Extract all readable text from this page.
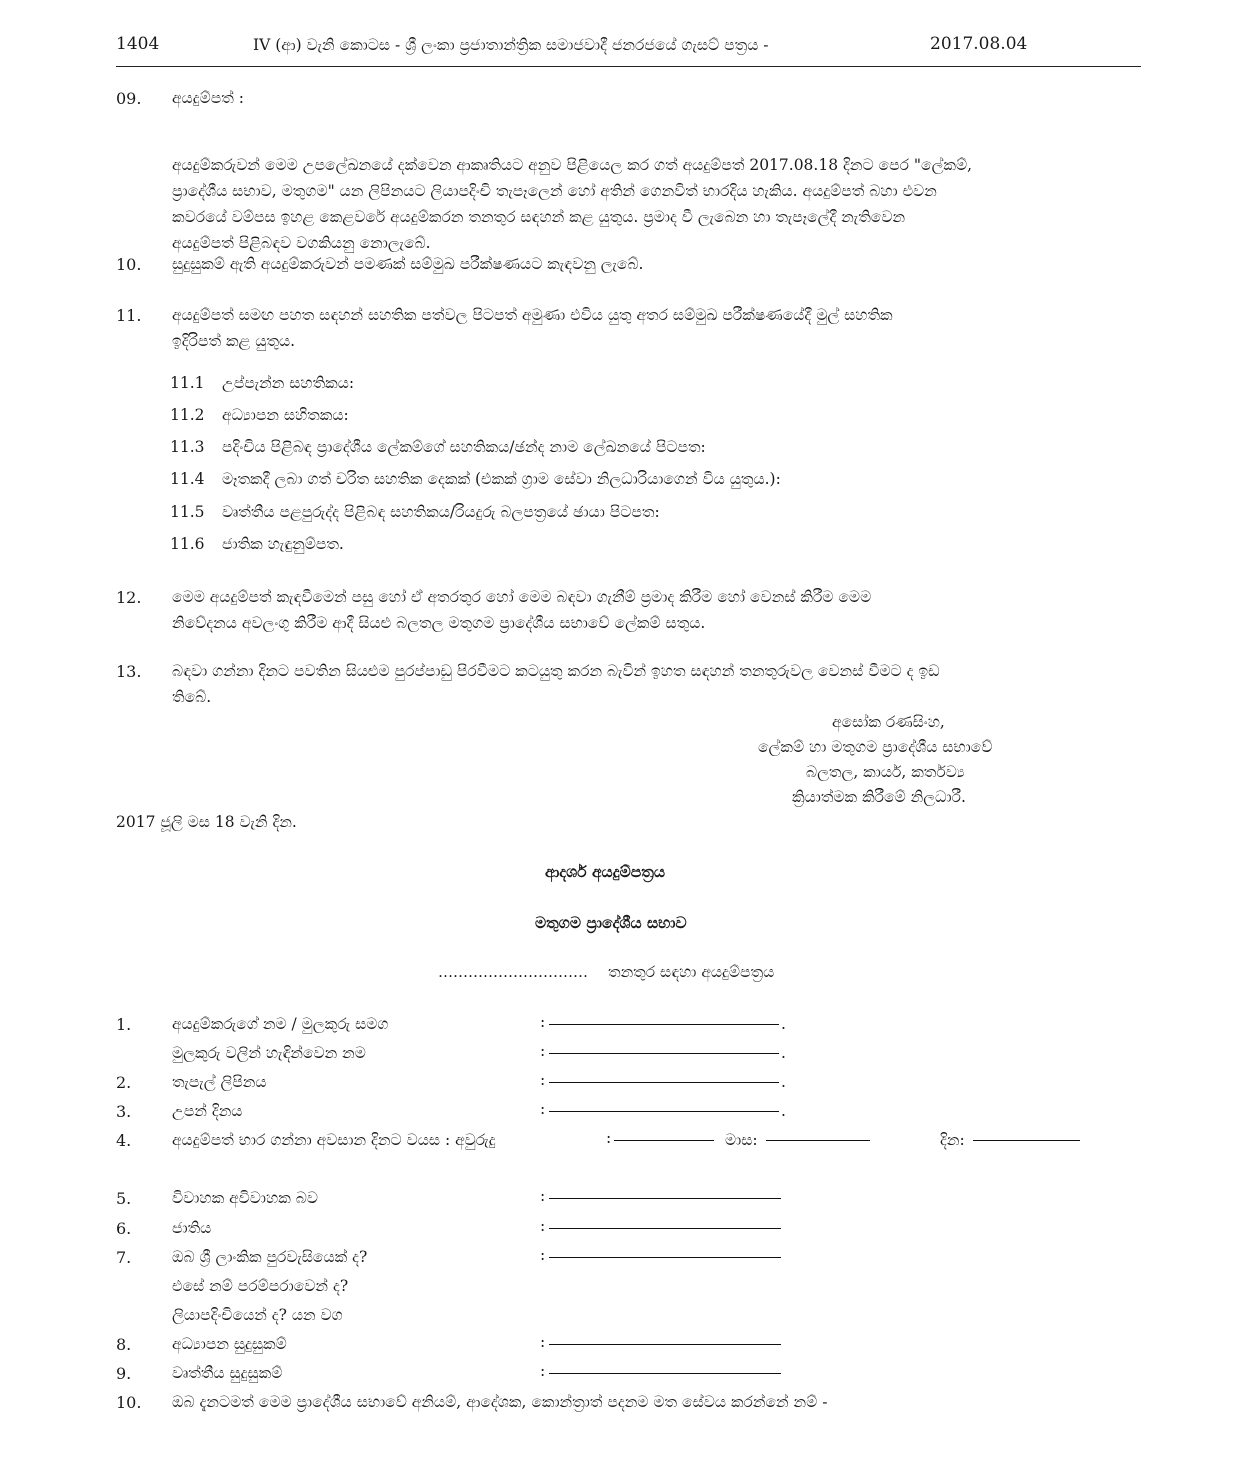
1404	IV (ආ) වැනි කොටස - ශ්‍රී ලංකා ප්‍රජාතාන්ත්‍රික සමාජවාදී ජනරජයේ ගැසට් පත්‍රය -	2017.08.04
09. අයදුම්පත් :
අයදුම්කරුවන් මෙම උපලේඛනයේ දක්වෙන ආකෘතියට අනුව පිළියෙල කර ගත් අයදුම්පත් 2017.08.18 දිනට පෙර "ලේකම්,
ප්‍රාදේශීය සභාව, මතුගම" යන ලිපිනයට ලියාපදිංචි තැපෑලෙන් හෝ අතින් ගෙනවිත් භාරදිය හැකිය. අයදුම්පත් බහා එවන
කවරයේ වම්පස ඉහළ කෙළවරේ අයදුම්කරන තනතුර සඳහන් කළ යුතුය. ප්‍රමාද වී ලැබෙන හා තැපෑලේදී නැතිවෙන
අයදුම්පත් පිළිබඳව වගකියනු නොලැබේ.
10. සුදුසුකම් ඇති අයදුම්කරුවන් පමණක් සම්මුඛ පරීක්ෂණයට කැඳවනු ලැබේ.
11. අයදුම්පත් සමඟ පහත සඳහන් සහතික පත්වල පිටපත් අමුණා එවිය යුතු අතර සම්මුඛ පරීක්ෂණයේදී මුල් සහතික
ඉදිරිපත් කළ යුතුය.
11.1 උප්පැන්න සහතිකය:
11.2 අධ්‍යාපන සහිතකය:
11.3 පදිංචිය පිළිබඳ ප්‍රාදේශීය ලේකම්ගේ සහතිකය/ඡන්ද නාම ලේඛනයේ පිටපත:
11.4 මෑතකදී ලබා ගත් චරිත සහතික දෙකක් (එකක් ග්‍රාම සේවා නිලධාරියාගෙන් විය යුතුය.):
11.5 වෘත්තීය පළපුරුද්ද පිළිබඳ සහතිකය/රියදුරු බලපත්‍රයේ ඡායා පිටපත:
11.6 ජාතික හැඳුනුම්පත.
12. මෙම අයදුම්පත් කැඳවීමෙන් පසු හෝ ඒ අතරතුර හෝ මෙම බඳවා ගැනීම් ප්‍රමාද කිරීම හෝ වෙනස් කිරීම මෙම
නිවේදනය අවලංගු කිරීම ආදී සියළු බලතල මතුගම ප්‍රාදේශීය සභාවේ ලේකම් සතුය.
13. බඳවා ගන්නා දිනට පවතින සියළුම පුරප්පාඩු පිරවීමට කටයුතු කරන බැවින් ඉහත සඳහන් තනතුරුවල වෙනස් වීමට ද ඉඩ
තිබේ.
අසෝක රණසිංහ,
ලේකම් හා මතුගම ප්‍රාදේශීය සභාවේ
බලතල, කාර්ය, කර්තව්‍ය
ක්‍රියාත්මක කිරීමේ නිලධාරී.
2017 ජූලි මස 18 වැනි දින.
ආදර්ශ අයදුම්පත්‍රය
මතුගම ප්‍රාදේශීය සභාව
………………………… තනතුර සඳහා අයදුම්පත්‍රය
1.	අයදුම්කරුගේ නම / මුලකුරු සමග	:	.
මුලකුරු වලින් හැඳින්වෙන නම	:	.
2.	තැපැල් ලිපිනය	:	.
3.	උපන් දිනය	:	.
4.	අයදුම්පත් භාර ගන්නා අවසාන දිනට වයස : අවුරුදු	:	මාස:	දින:
5.	විවාහක අවිවාහක බව	:
6.	ජාතිය	:
7.	ඔබ ශ්‍රී ලාංකික පුරවැසියෙක් ද?	:
එසේ නම් පරම්පරාවෙන් ද?
ලියාපදිංචියෙන් ද? යන වග
8.	අධ්‍යාපන සුදුසුකම්	:
9.	වෘත්තීය සුදුසුකම්	:
10. ඔබ දැනටමත් මෙම ප්‍රාදේශීය සභාවේ අනියම්, ආදේශක, කොන්ත්‍රාත් පදනම මත සේවය කරන්නේ නම් -
